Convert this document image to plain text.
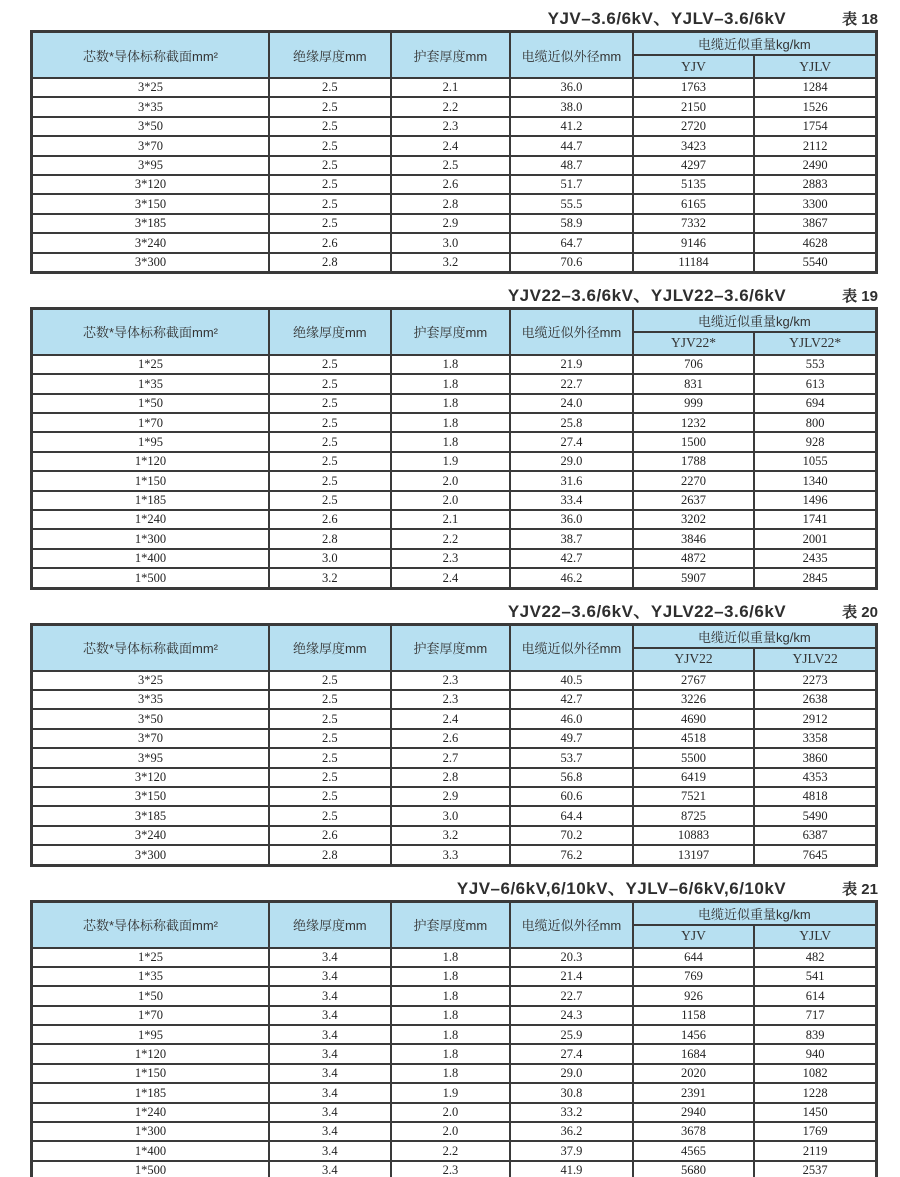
YJV–3.6/6kV、YJLV–3.6/6kV	表 18
芯数*导体标称截面mm²	绝缘厚度mm	护套厚度mm	电缆近似外径mm	电缆近似重量kg/km	
				YJV	YJLV
3*25	2.5	2.1	36.0	1763	1284
3*35	2.5	2.2	38.0	2150	1526
3*50	2.5	2.3	41.2	2720	1754
3*70	2.5	2.4	44.7	3423	2112
3*95	2.5	2.5	48.7	4297	2490
3*120	2.5	2.6	51.7	5135	2883
3*150	2.5	2.8	55.5	6165	3300
3*185	2.5	2.9	58.9	7332	3867
3*240	2.6	3.0	64.7	9146	4628
3*300	2.8	3.2	70.6	11184	5540
YJV22–3.6/6kV、YJLV22–3.6/6kV	表 19
芯数*导体标称截面mm²	绝缘厚度mm	护套厚度mm	电缆近似外径mm	电缆近似重量kg/km	
				YJV22*	YJLV22*
1*25	2.5	1.8	21.9	706	553
1*35	2.5	1.8	22.7	831	613
1*50	2.5	1.8	24.0	999	694
1*70	2.5	1.8	25.8	1232	800
1*95	2.5	1.8	27.4	1500	928
1*120	2.5	1.9	29.0	1788	1055
1*150	2.5	2.0	31.6	2270	1340
1*185	2.5	2.0	33.4	2637	1496
1*240	2.6	2.1	36.0	3202	1741
1*300	2.8	2.2	38.7	3846	2001
1*400	3.0	2.3	42.7	4872	2435
1*500	3.2	2.4	46.2	5907	2845
YJV22–3.6/6kV、YJLV22–3.6/6kV	表 20
芯数*导体标称截面mm²	绝缘厚度mm	护套厚度mm	电缆近似外径mm	电缆近似重量kg/km	
				YJV22	YJLV22
3*25	2.5	2.3	40.5	2767	2273
3*35	2.5	2.3	42.7	3226	2638
3*50	2.5	2.4	46.0	4690	2912
3*70	2.5	2.6	49.7	4518	3358
3*95	2.5	2.7	53.7	5500	3860
3*120	2.5	2.8	56.8	6419	4353
3*150	2.5	2.9	60.6	7521	4818
3*185	2.5	3.0	64.4	8725	5490
3*240	2.6	3.2	70.2	10883	6387
3*300	2.8	3.3	76.2	13197	7645
YJV–6/6kV,6/10kV、YJLV–6/6kV,6/10kV	表 21
芯数*导体标称截面mm²	绝缘厚度mm	护套厚度mm	电缆近似外径mm	电缆近似重量kg/km	
				YJV	YJLV
1*25	3.4	1.8	20.3	644	482
1*35	3.4	1.8	21.4	769	541
1*50	3.4	1.8	22.7	926	614
1*70	3.4	1.8	24.3	1158	717
1*95	3.4	1.8	25.9	1456	839
1*120	3.4	1.8	27.4	1684	940
1*150	3.4	1.8	29.0	2020	1082
1*185	3.4	1.9	30.8	2391	1228
1*240	3.4	2.0	33.2	2940	1450
1*300	3.4	2.0	36.2	3678	1769
1*400	3.4	2.2	37.9	4565	2119
1*500	3.4	2.3	41.9	5680	2537
